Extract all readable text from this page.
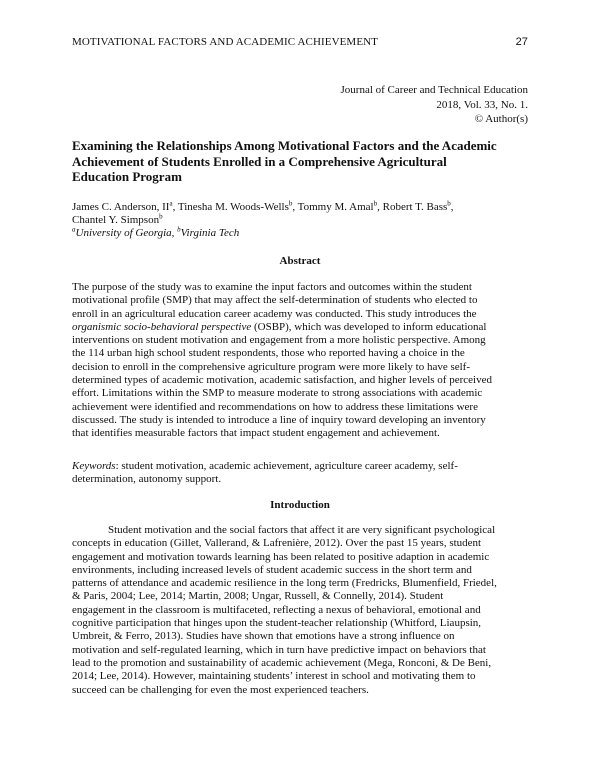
MOTIVATIONAL FACTORS AND ACADEMIC ACHIEVEMENT	27
Journal of Career and Technical Education
2018, Vol. 33, No. 1.
© Author(s)
Examining the Relationships Among Motivational Factors and the Academic
Achievement of Students Enrolled in a Comprehensive Agricultural
Education Program
James C. Anderson, $II^a$, Tinesha M. Woods-Wells$^b$, Tommy M. Amal$^b$, Robert T. Bass$^b$,
Chantel Y. Simpson$^b$
$^a$University of Georgia, $^b$Virginia Tech
Abstract
The purpose of the study was to examine the input factors and outcomes within the student
motivational profile (SMP) that may affect the self-determination of students who elected to
enroll in an agricultural education career academy was conducted. This study introduces the
organismic socio-behavioral perspective (OSBP), which was developed to inform educational
interventions on student motivation and engagement from a more holistic perspective. Among
the 114 urban high school student respondents, those who reported having a choice in the
decision to enroll in the comprehensive agriculture program were more likely to have self-
determined types of academic motivation, academic satisfaction, and higher levels of perceived
effort. Limitations within the SMP to measure moderate to strong associations with academic
achievement were identified and recommendations on how to address these limitations were
discussed. The study is intended to introduce a line of inquiry toward developing an inventory
that identifies measurable factors that impact student engagement and achievement.
Keywords: student motivation, academic achievement, agriculture career academy, self-
determination, autonomy support.
Introduction
Student motivation and the social factors that affect it are very significant psychological
concepts in education (Gillet, Vallerand, & Lafrenière, 2012). Over the past 15 years, student
engagement and motivation towards learning has been related to positive adaption in academic
environments, including increased levels of student academic success in the short term and
patterns of attendance and academic resilience in the long term (Fredricks, Blumenfield, Friedel,
& Paris, 2004; Lee, 2014; Martin, 2008; Ungar, Russell, & Connelly, 2014). Student
engagement in the classroom is multifaceted, reflecting a nexus of behavioral, emotional and
cognitive participation that hinges upon the student-teacher relationship (Whitford, Liaupsin,
Umbreit, & Ferro, 2013). Studies have shown that emotions have a strong influence on
motivation and self-regulated learning, which in turn have predictive impact on behaviors that
lead to the promotion and sustainability of academic achievement (Mega, Ronconi, & De Beni,
2014; Lee, 2014). However, maintaining students’ interest in school and motivating them to
succeed can be challenging for even the most experienced teachers.
